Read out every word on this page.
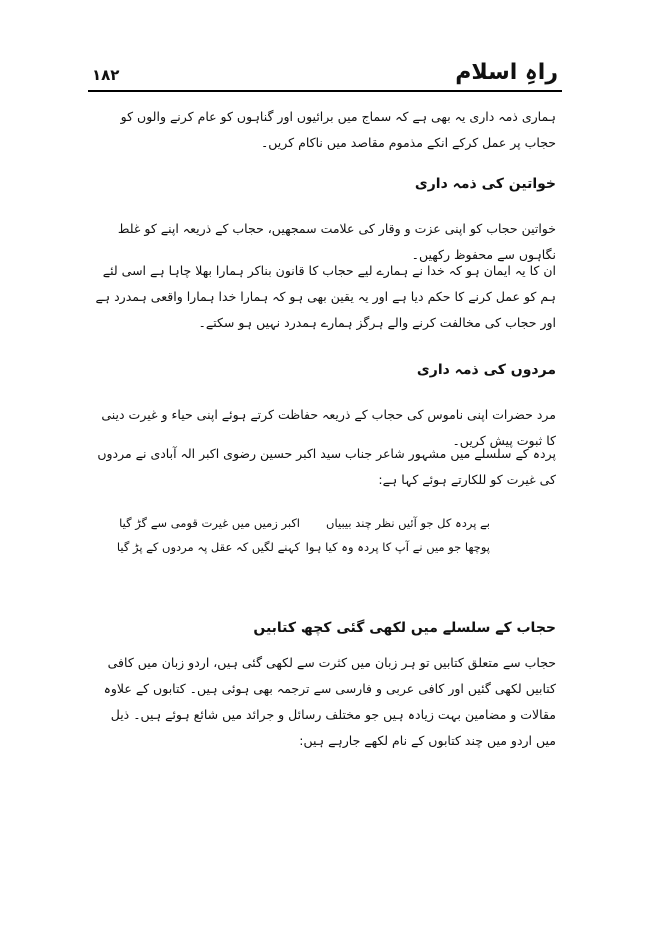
راہِ اسلام
۱۸۲
ہماری ذمہ داری یہ بھی ہے کہ سماج میں برائیوں اور گناہوں کو عام کرنے والوں کو حجاب پر عمل کرکے انکے مذموم مقاصد میں ناکام کریں۔
خواتین کی ذمہ داری
خواتین حجاب کو اپنی عزت و وقار کی علامت سمجھیں، حجاب کے ذریعہ اپنے کو غلط نگاہوں سے محفوظ رکھیں۔
ان کا یہ ایمان ہو کہ خدا نے ہمارے لیے حجاب کا قانون بناکر ہمارا بھلا چاہا ہے اسی لئے ہم کو عمل کرنے کا حکم دیا ہے اور یہ یقین بھی ہو کہ ہمارا خدا ہمارا واقعی ہمدرد ہے اور حجاب کی مخالفت کرنے والے ہرگز ہمارے ہمدرد نہیں ہو سکتے۔
مردوں کی ذمہ داری
مرد حضرات اپنی ناموس کی حجاب کے ذریعہ حفاظت کرتے ہوئے اپنی حیاء و غیرت دینی کا ثبوت پیش کریں۔
پردہ کے سلسلے میں مشہور شاعر جناب سید اکبر حسین رضوی اکبر الہ آبادی نے مردوں کی غیرت کو للکارتے ہوئے کہا ہے:
بے پردہ کل جو آئیں نظر چند بیبیاں
اکبر زمیں میں غیرت قومی سے گڑ گیا
پوچھا جو میں نے آپ کا پردہ وہ کیا ہوا
کہنے لگیں کہ عقل پہ مردوں کے پڑ گیا
حجاب کے سلسلے میں لکھی گئی کچھ کتابیں
حجاب سے متعلق کتابیں تو ہر زبان میں کثرت سے لکھی گئی ہیں، اردو زبان میں کافی کتابیں لکھی گئیں اور کافی عربی و فارسی سے ترجمہ بھی ہوئی ہیں۔ کتابوں کے علاوہ مقالات و مضامین بہت زیادہ ہیں جو مختلف رسائل و جرائد میں شائع ہوئے ہیں۔ ذیل میں اردو میں چند کتابوں کے نام لکھے جارہے ہیں:
